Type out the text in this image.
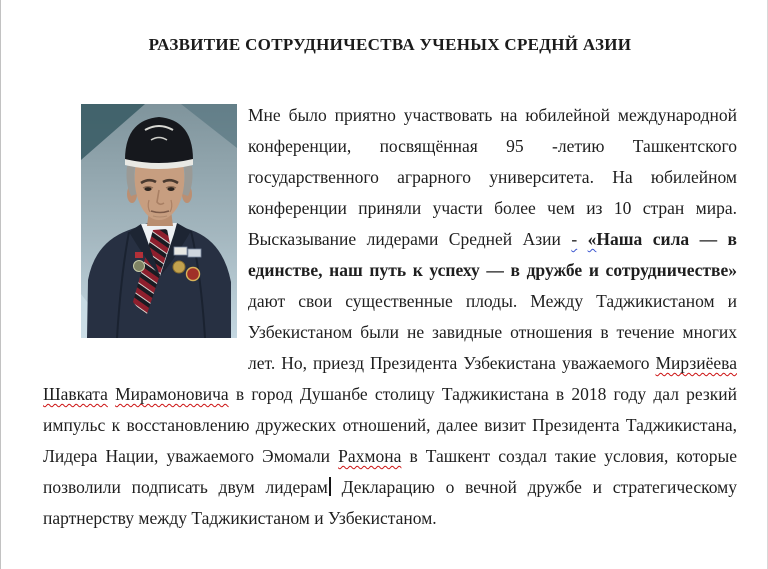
РАЗВИТИЕ СОТРУДНИЧЕСТВА УЧЕНЫХ СРЕДНЙ АЗИИ

Мне было приятно участвовать на юбилейной международной конференции, посвящённая 95 -летию Ташкентского государственного аграрного университета. На юбилейном конференции приняли участи более чем из 10 стран мира. Высказывание лидерами Средней Азии - «Наша сила — в единстве, наш путь к успеху — в дружбе и сотрудничестве» дают свои существенные плоды. Между Таджикистаном и Узбекистаном были не завидные отношения в течение многих лет. Но, приезд Президента Узбекистана уважаемого Мирзиёева Шавката Мирамоновича в город Душанбе столицу Таджикистана в 2018 году дал резкий импульс к восстановлению дружеских отношений, далее визит Президента Таджикистана, Лидера Нации, уважаемого Эмомали Рахмона в Ташкент создал такие условия, которые позволили подписать двум лидерам Декларацию о вечной дружбе и стратегическому партнерству между Таджикистаном и Узбекистаном.
